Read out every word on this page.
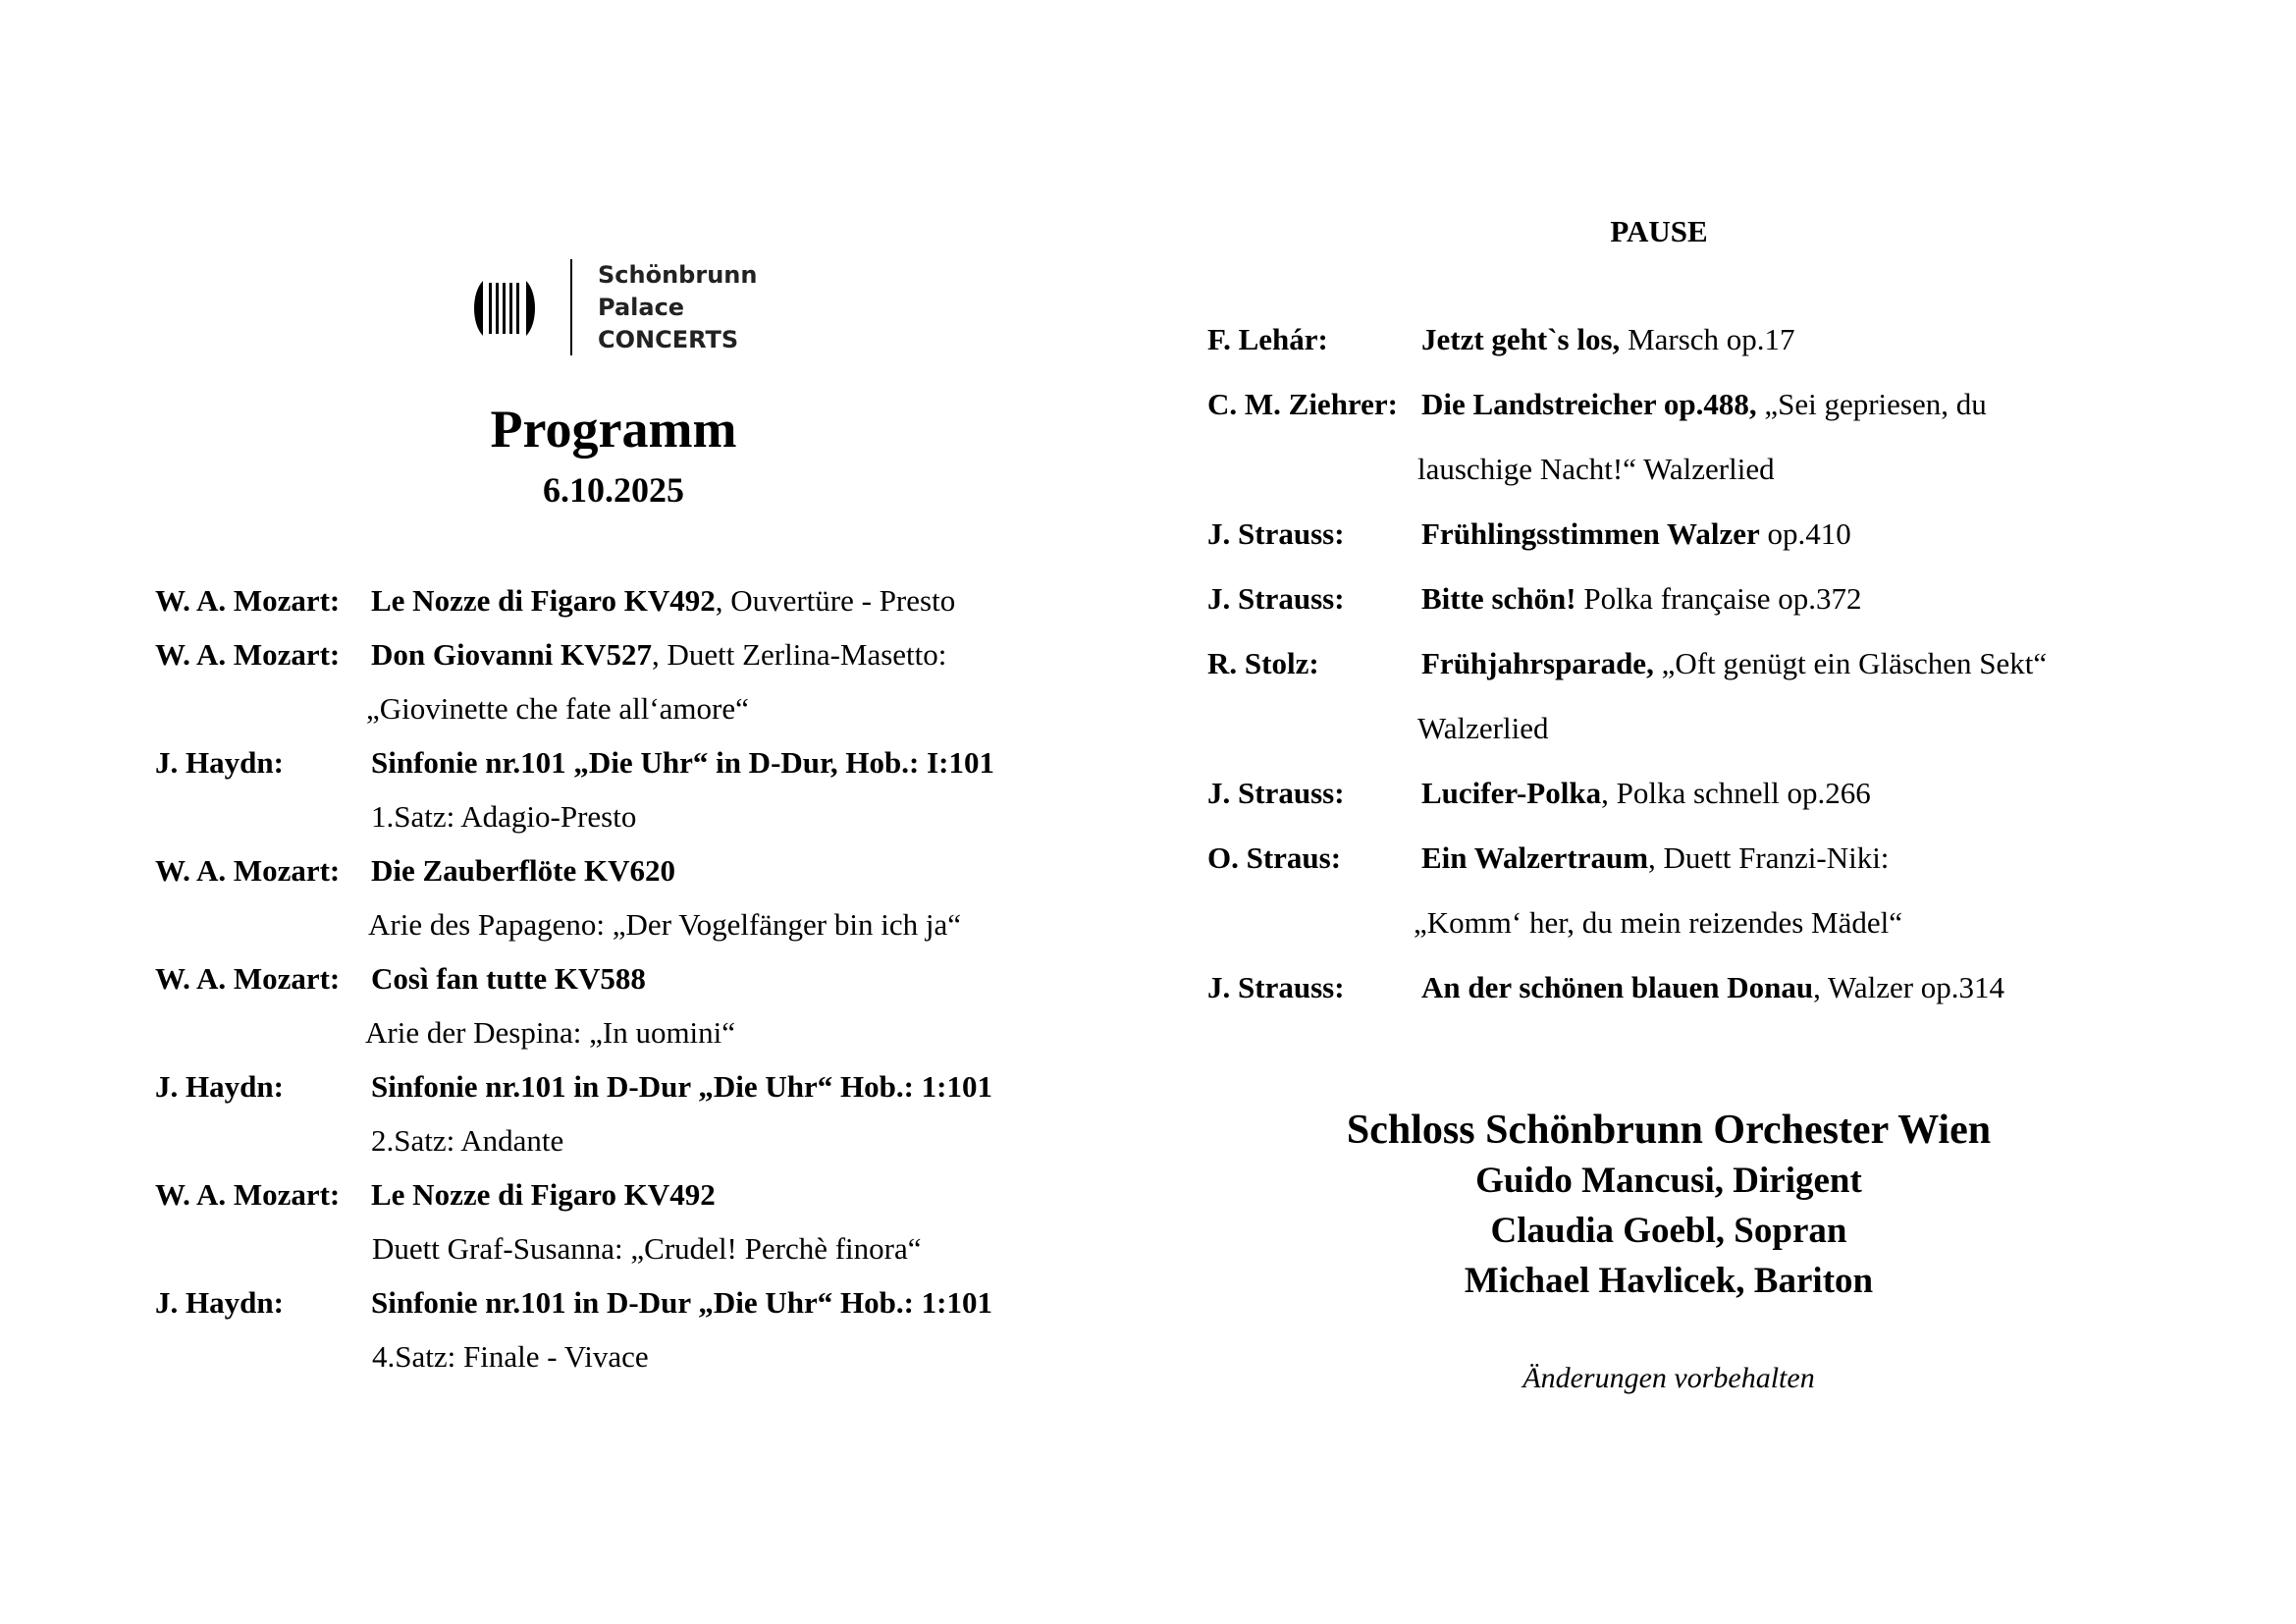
Schönbrunn
Palace
CONCERTS
Programm
6.10.2025
W. A. Mozart: Le Nozze di Figaro KV492, Ouvertüre - Presto
W. A. Mozart: Don Giovanni KV527, Duett Zerlina-Masetto:
„Giovinette che fate all‘amore“
J. Haydn:	Sinfonie nr.101 „Die Uhr“ in D-Dur, Hob.: I:101
1.Satz: Adagio-Presto
W. A. Mozart: Die Zauberflöte KV620
Arie des Papageno: „Der Vogelfänger bin ich ja“
W. A. Mozart: Così fan tutte KV588
Arie der Despina: „In uomini“
J. Haydn:	Sinfonie nr.101 in D-Dur „Die Uhr“ Hob.: 1:101
2.Satz: Andante
W. A. Mozart: Le Nozze di Figaro KV492
Duett Graf-Susanna: „Crudel! Perchè finora“
J. Haydn:	Sinfonie nr.101 in D-Dur „Die Uhr“ Hob.: 1:101
4.Satz: Finale - Vivace
PAUSE
F. Lehár:	Jetzt geht`s los, Marsch op.17
C. M. Ziehrer: Die Landstreicher op.488, „Sei gepriesen, du
lauschige Nacht!“ Walzerlied
J. Strauss:	Frühlingsstimmen Walzer op.410
J. Strauss:	Bitte schön! Polka française op.372
R. Stolz:	Frühjahrsparade, „Oft genügt ein Gläschen Sekt“
Walzerlied
J. Strauss:	Lucifer-Polka, Polka schnell op.266
O. Straus:	Ein Walzertraum, Duett Franzi-Niki:
„Komm‘ her, du mein reizendes Mädel“
J. Strauss:	An der schönen blauen Donau, Walzer op.314
Schloss Schönbrunn Orchester Wien
Guido Mancusi, Dirigent
Claudia Goebl, Sopran
Michael Havlicek, Bariton
Änderungen vorbehalten
